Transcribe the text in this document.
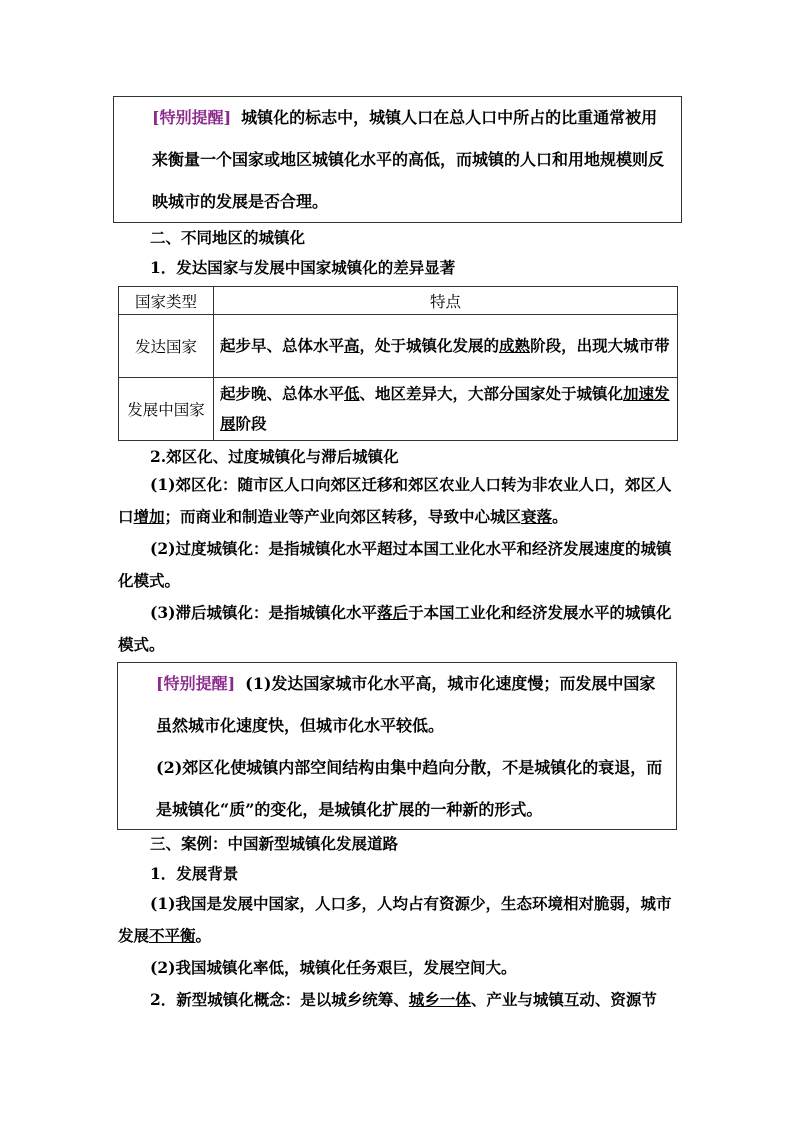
[特别提醒] 城镇化的标志中，城镇人口在总人口中所占的比重通常被用来衡量一个国家或地区城镇化水平的高低，而城镇的人口和用地规模则反映城市的发展是否合理。

二、不同地区的城镇化
1．发达国家与发展中国家城镇化的差异显著
国家类型	特点
发达国家	起步早、总体水平高，处于城镇化发展的成熟阶段，出现大城市带
发展中国家	起步晚、总体水平低、地区差异大，大部分国家处于城镇化加速发展阶段
2.郊区化、过度城镇化与滞后城镇化
(1)郊区化：随市区人口向郊区迁移和郊区农业人口转为非农业人口，郊区人口增加；而商业和制造业等产业向郊区转移，导致中心城区衰落。
(2)过度城镇化：是指城镇化水平超过本国工业化水平和经济发展速度的城镇化模式。
(3)滞后城镇化：是指城镇化水平落后于本国工业化和经济发展水平的城镇化模式。

[特别提醒] (1)发达国家城市化水平高，城市化速度慢；而发展中国家虽然城市化速度快，但城市化水平较低。

(2)郊区化使城镇内部空间结构由集中趋向分散，不是城镇化的衰退，而是城镇化“质”的变化，是城镇化扩展的一种新的形式。

三、案例：中国新型城镇化发展道路
1．发展背景
(1)我国是发展中国家，人口多，人均占有资源少，生态环境相对脆弱，城市发展不平衡。
(2)我国城镇化率低，城镇化任务艰巨，发展空间大。
2．新型城镇化概念：是以城乡统筹、城乡一体、产业与城镇互动、资源节
